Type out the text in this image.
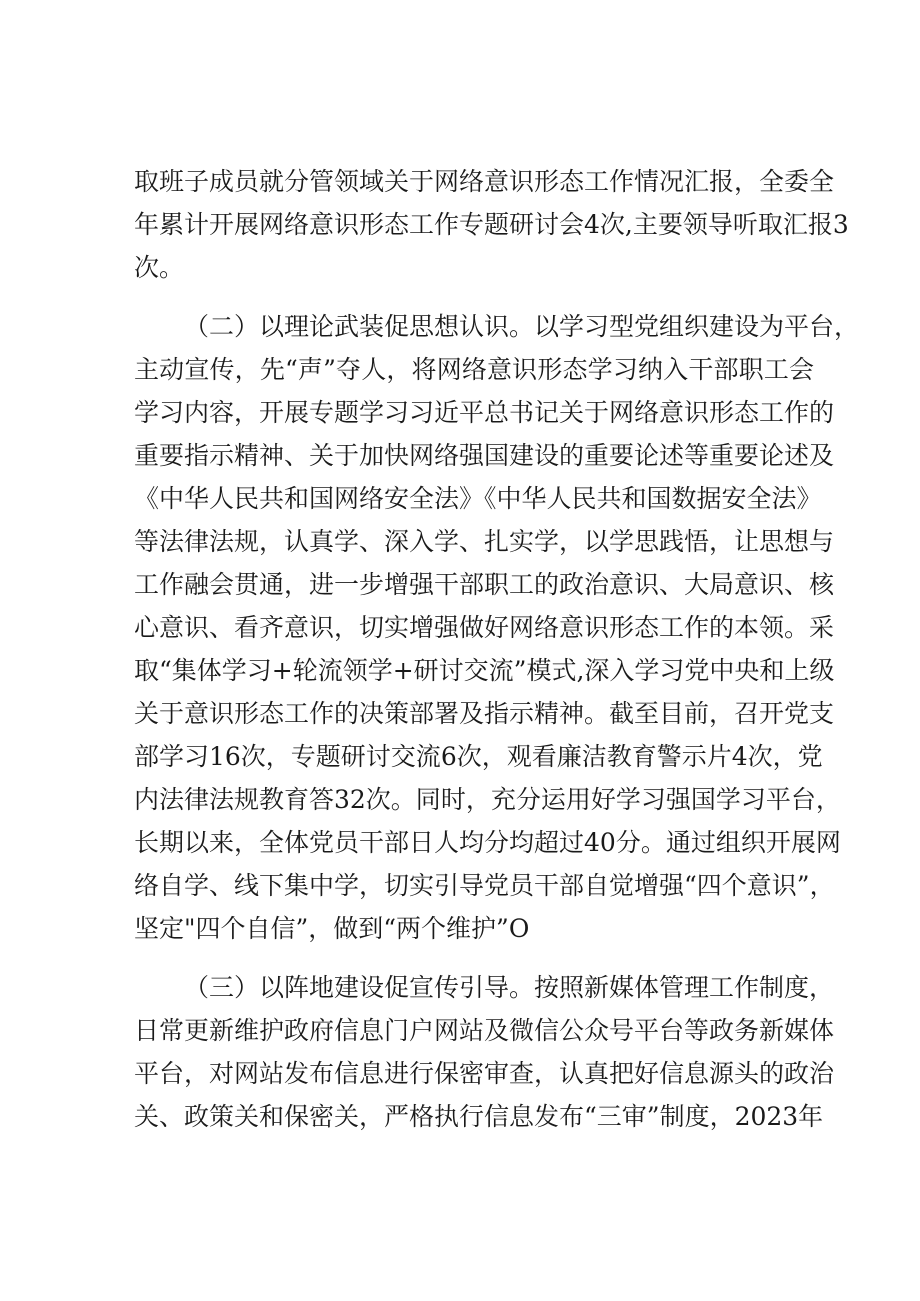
取班子成员就分管领域关于网络意识形态工作情况汇报，全委全
年累计开展网络意识形态工作专题研讨会4次,主要领导听取汇报3
次。
（二）以理论武装促思想认识。以学习型党组织建设为平台，
主动宣传，先“声”夺人，将网络意识形态学习纳入干部职工会
学习内容，开展专题学习习近平总书记关于网络意识形态工作的
重要指示精神、关于加快网络强国建设的重要论述等重要论述及
《中华人民共和国网络安全法》《中华人民共和国数据安全法》
等法律法规，认真学、深入学、扎实学，以学思践悟，让思想与
工作融会贯通，进一步增强干部职工的政治意识、大局意识、核
心意识、看齐意识，切实增强做好网络意识形态工作的本领。采
取“集体学习+轮流领学+研讨交流”模式,深入学习党中央和上级
关于意识形态工作的决策部署及指示精神。截至目前，召开党支
部学习16次，专题研讨交流6次，观看廉洁教育警示片4次，党
内法律法规教育答32次。同时，充分运用好学习强国学习平台，
长期以来，全体党员干部日人均分均超过40分。通过组织开展网
络自学、线下集中学，切实引导党员干部自觉增强“四个意识”，
坚定"四个自信”，做到“两个维护”O
（三）以阵地建设促宣传引导。按照新媒体管理工作制度，
日常更新维护政府信息门户网站及微信公众号平台等政务新媒体
平台，对网站发布信息进行保密审查，认真把好信息源头的政治
关、政策关和保密关，严格执行信息发布“三审”制度，2023年
